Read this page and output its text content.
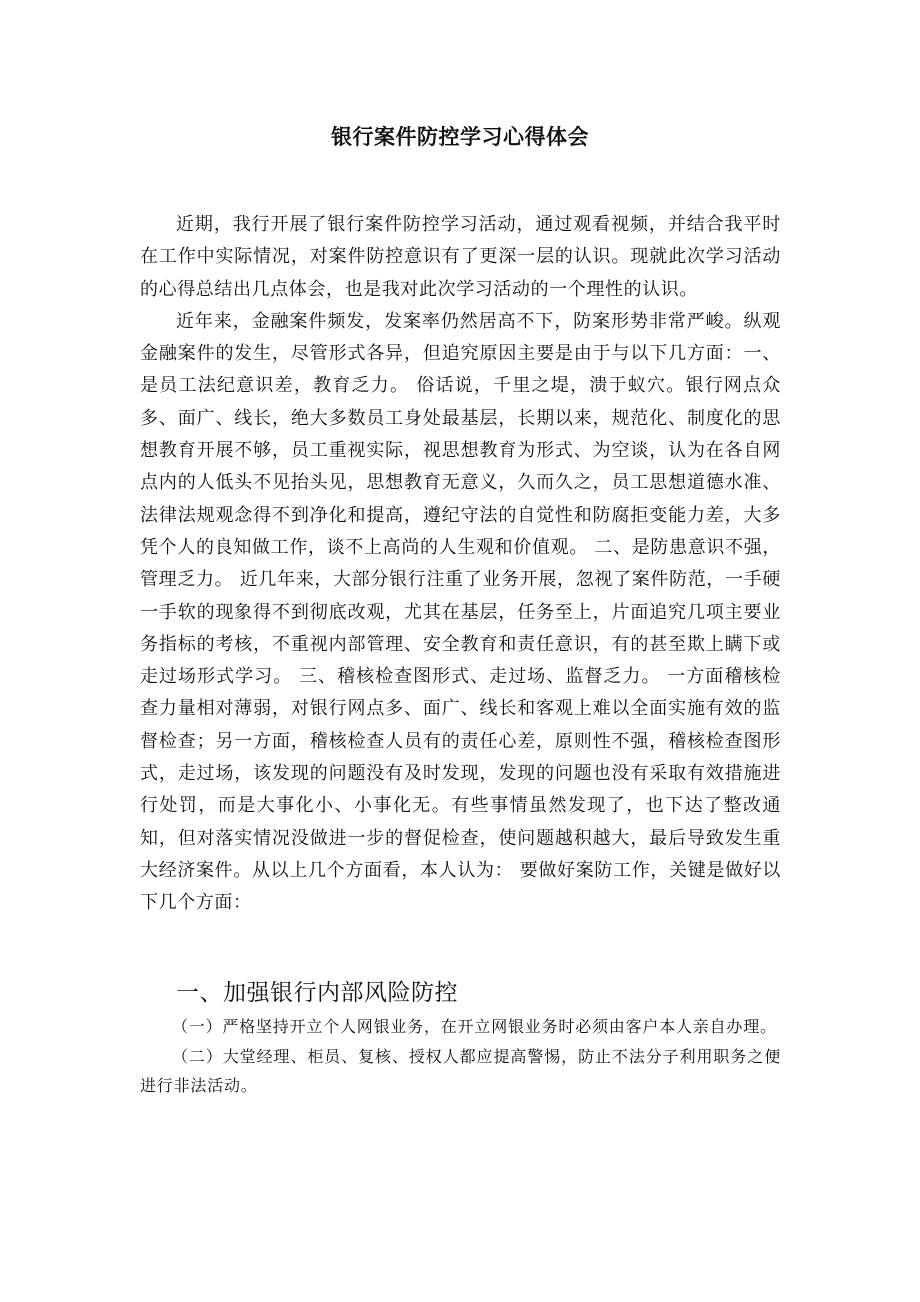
银行案件防控学习心得体会

近期，我行开展了银行案件防控学习活动，通过观看视频，并结合我平时在工作中实际情况，对案件防控意识有了更深一层的认识。现就此次学习活动的心得总结出几点体会，也是我对此次学习活动的一个理性的认识。

近年来，金融案件频发，发案率仍然居高不下，防案形势非常严峻。纵观金融案件的发生，尽管形式各异，但追究原因主要是由于与以下几方面：一、是员工法纪意识差，教育乏力。 俗话说，千里之堤，溃于蚁穴。银行网点众多、面广、线长，绝大多数员工身处最基层，长期以来，规范化、制度化的思想教育开展不够，员工重视实际，视思想教育为形式、为空谈，认为在各自网点内的人低头不见抬头见，思想教育无意义，久而久之，员工思想道德水准、法律法规观念得不到净化和提高，遵纪守法的自觉性和防腐拒变能力差，大多凭个人的良知做工作，谈不上高尚的人生观和价值观。 二、是防患意识不强，管理乏力。 近几年来，大部分银行注重了业务开展，忽视了案件防范，一手硬一手软的现象得不到彻底改观，尤其在基层，任务至上，片面追究几项主要业务指标的考核，不重视内部管理、安全教育和责任意识，有的甚至欺上瞒下或走过场形式学习。 三、稽核检查图形式、走过场、监督乏力。 一方面稽核检查力量相对薄弱，对银行网点多、面广、线长和客观上难以全面实施有效的监督检查；另一方面，稽核检查人员有的责任心差，原则性不强，稽核检查图形式，走过场，该发现的问题没有及时发现，发现的问题也没有采取有效措施进行处罚，而是大事化小、小事化无。有些事情虽然发现了，也下达了整改通知，但对落实情况没做进一步的督促检查，使问题越积越大，最后导致发生重大经济案件。从以上几个方面看，本人认为： 要做好案防工作，关键是做好以下几个方面：

一、加强银行内部风险防控

（一）严格坚持开立个人网银业务，在开立网银业务时必须由客户本人亲自办理。

（二）大堂经理、柜员、复核、授权人都应提高警惕，防止不法分子利用职务之便进行非法活动。
